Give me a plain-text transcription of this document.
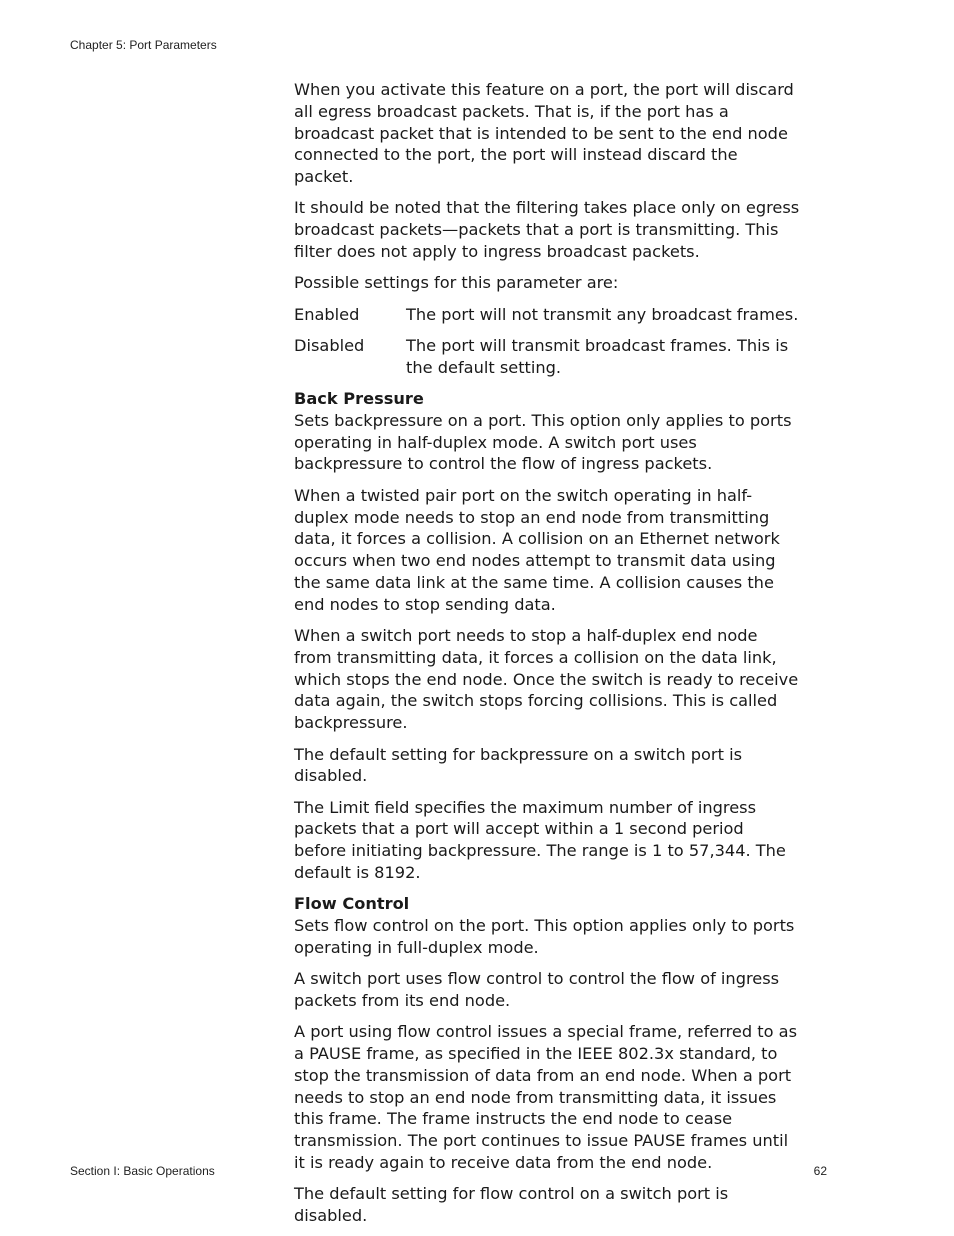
Chapter 5: Port Parameters

When you activate this feature on a port, the port will discard all egress broadcast packets. That is, if the port has a broadcast packet that is intended to be sent to the end node connected to the port, the port will instead discard the packet.

It should be noted that the filtering takes place only on egress broadcast packets—packets that a port is transmitting. This filter does not apply to ingress broadcast packets.

Possible settings for this parameter are:

Enabled	The port will not transmit any broadcast frames.
Disabled	The port will transmit broadcast frames. This is the default setting.

Back Pressure
Sets backpressure on a port. This option only applies to ports operating in half-duplex mode. A switch port uses backpressure to control the flow of ingress packets.

When a twisted pair port on the switch operating in half-duplex mode needs to stop an end node from transmitting data, it forces a collision. A collision on an Ethernet network occurs when two end nodes attempt to transmit data using the same data link at the same time. A collision causes the end nodes to stop sending data.

When a switch port needs to stop a half-duplex end node from transmitting data, it forces a collision on the data link, which stops the end node. Once the switch is ready to receive data again, the switch stops forcing collisions. This is called backpressure.

The default setting for backpressure on a switch port is disabled.

The Limit field specifies the maximum number of ingress packets that a port will accept within a 1 second period before initiating backpressure. The range is 1 to 57,344. The default is 8192.

Flow Control
Sets flow control on the port. This option applies only to ports operating in full-duplex mode.

A switch port uses flow control to control the flow of ingress packets from its end node.

A port using flow control issues a special frame, referred to as a PAUSE frame, as specified in the IEEE 802.3x standard, to stop the transmission of data from an end node. When a port needs to stop an end node from transmitting data, it issues this frame. The frame instructs the end node to cease transmission. The port continues to issue PAUSE frames until it is ready again to receive data from the end node.

The default setting for flow control on a switch port is disabled.

Section I: Basic Operations	62
